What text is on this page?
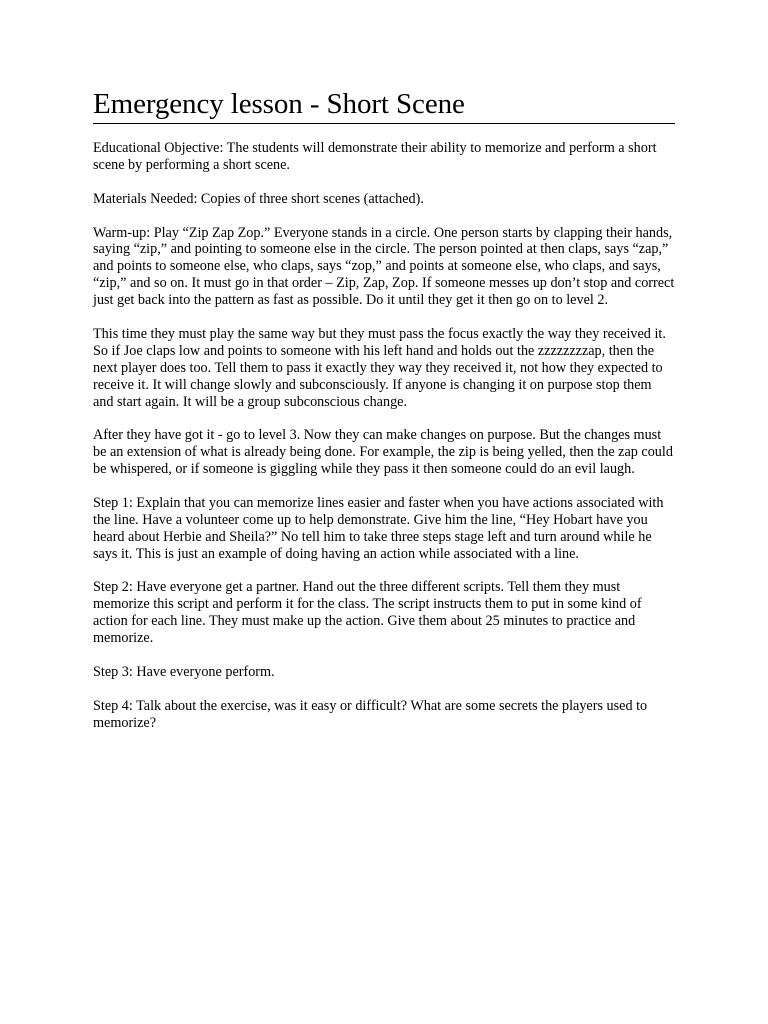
Emergency lesson - Short Scene

Educational Objective: The students will demonstrate their ability to memorize and perform a short scene by performing a short scene.

Materials Needed: Copies of three short scenes (attached).

Warm-up: Play “Zip Zap Zop.” Everyone stands in a circle. One person starts by clapping their hands, saying “zip,” and pointing to someone else in the circle. The person pointed at then claps, says “zap,” and points to someone else, who claps, says “zop,” and points at someone else, who claps, and says, “zip,” and so on. It must go in that order – Zip, Zap, Zop. If someone messes up don’t stop and correct just get back into the pattern as fast as possible. Do it until they get it then go on to level 2.

This time they must play the same way but they must pass the focus exactly the way they received it. So if Joe claps low and points to someone with his left hand and holds out the zzzzzzzzap, then the next player does too. Tell them to pass it exactly they way they received it, not how they expected to receive it. It will change slowly and subconsciously. If anyone is changing it on purpose stop them and start again. It will be a group subconscious change.

After they have got it - go to level 3. Now they can make changes on purpose. But the changes must be an extension of what is already being done. For example, the zip is being yelled, then the zap could be whispered, or if someone is giggling while they pass it then someone could do an evil laugh.

Step 1: Explain that you can memorize lines easier and faster when you have actions associated with the line. Have a volunteer come up to help demonstrate. Give him the line, “Hey Hobart have you heard about Herbie and Sheila?” No tell him to take three steps stage left and turn around while he says it. This is just an example of doing having an action while associated with a line.

Step 2: Have everyone get a partner. Hand out the three different scripts. Tell them they must memorize this script and perform it for the class. The script instructs them to put in some kind of action for each line. They must make up the action. Give them about 25 minutes to practice and memorize.

Step 3: Have everyone perform.

Step 4: Talk about the exercise, was it easy or difficult? What are some secrets the players used to memorize?
